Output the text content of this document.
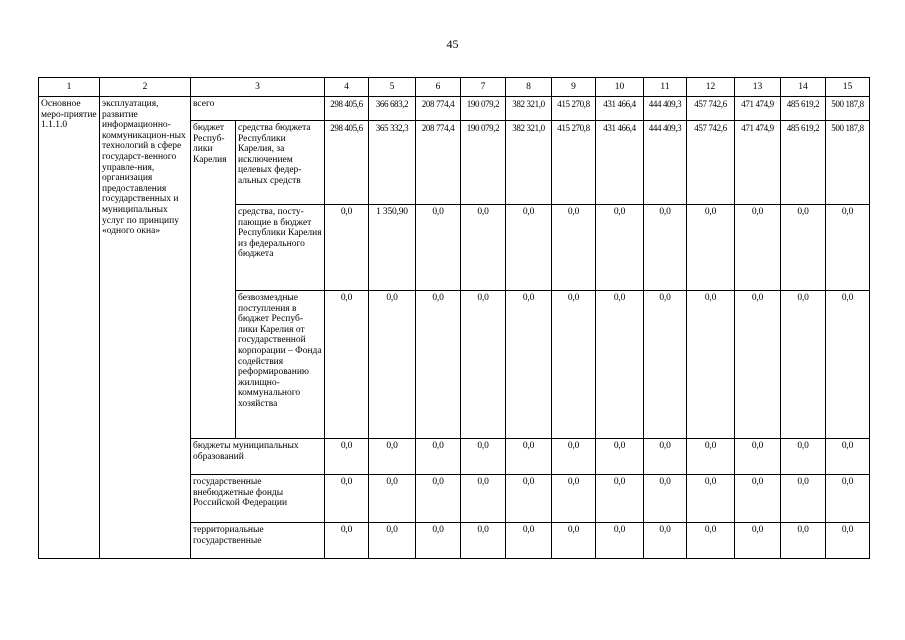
45
1	2	3		4	5	6	7	8	9	10	11	12	13	14	15
Основное меро-приятие 1.1.1.0	эксплуатация, развитие информационно-коммуникацион-ных технологий в сфере государст-венного управле-ния, организация предоставления государственных и муниципальных услуг по принципу «одного окна»	всего		298 405,6	366 683,2	208 774,4	190 079,2	382 321,0	415 270,8	431 466,4	444 409,3	457 742,6	471 474,9	485 619,2	500 187,8
		бюджет Респуб-лики Карелия	средства бюджета Республики Карелия, за исключением целевых федер-альных средств	298 405,6	365 332,3	208 774,4	190 079,2	382 321,0	415 270,8	431 466,4	444 409,3	457 742,6	471 474,9	485 619,2	500 187,8
			средства, посту-пающие в бюджет Республики Карелия из федерального бюджета	0,0	1 350,90	0,0	0,0	0,0	0,0	0,0	0,0	0,0	0,0	0,0	0,0
			безвозмездные поступления в бюджет Респуб-лики Карелия от государственной корпорации – Фонда содействия реформированию жилищно-коммунального хозяйства	0,0	0,0	0,0	0,0	0,0	0,0	0,0	0,0	0,0	0,0	0,0	0,0
		бюджеты муниципальных образований		0,0	0,0	0,0	0,0	0,0	0,0	0,0	0,0	0,0	0,0	0,0	0,0
		государственные внебюджетные фонды Российской Федерации		0,0	0,0	0,0	0,0	0,0	0,0	0,0	0,0	0,0	0,0	0,0	0,0
		территориальные государственные		0,0	0,0	0,0	0,0	0,0	0,0	0,0	0,0	0,0	0,0	0,0	0,0
